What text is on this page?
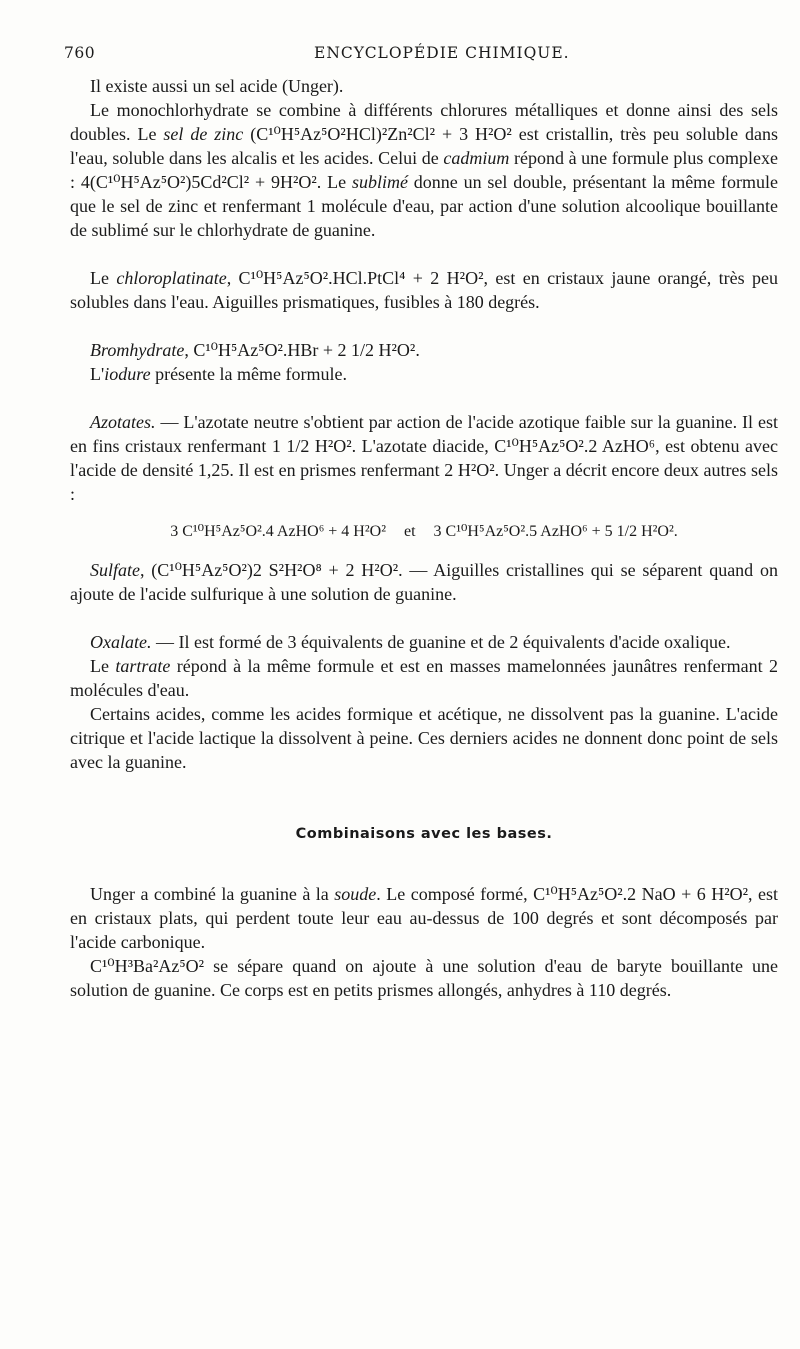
760	ENCYCLOPÉDIE CHIMIQUE.

Il existe aussi un sel acide (Unger).

Le monochlorhydrate se combine à différents chlorures métalliques et donne ainsi des sels doubles. Le sel de zinc (C¹⁰H⁵Az⁵O²HCl)²Zn²Cl² + 3 H²O² est cristallin, très peu soluble dans l'eau, soluble dans les alcalis et les acides. Celui de cadmium répond à une formule plus complexe : 4(C¹⁰H⁵Az⁵O²)5Cd²Cl² + 9H²O². Le sublimé donne un sel double, présentant la même formule que le sel de zinc et renfermant 1 molécule d'eau, par action d'une solution alcoolique bouillante de sublimé sur le chlorhydrate de guanine.

Le chloroplatinate, C¹⁰H⁵Az⁵O².HCl.PtCl⁴ + 2 H²O², est en cristaux jaune orangé, très peu solubles dans l'eau. Aiguilles prismatiques, fusibles à 180 degrés.

Bromhydrate, C¹⁰H⁵Az⁵O².HBr + 2 1/2 H²O².

L'iodure présente la même formule.

Azotates. — L'azotate neutre s'obtient par action de l'acide azotique faible sur la guanine. Il est en fins cristaux renfermant 1 1/2 H²O². L'azotate diacide, C¹⁰H⁵Az⁵O².2 AzHO⁶, est obtenu avec l'acide de densité 1,25. Il est en prismes renfermant 2 H²O². Unger a décrit encore deux autres sels :

3 C¹⁰H⁵Az⁵O².4 AzHO⁶ + 4 H²O² et 3 C¹⁰H⁵Az⁵O².5 AzHO⁶ + 5 1/2 H²O².

Sulfate, (C¹⁰H⁵Az⁵O²)2 S²H²O⁸ + 2 H²O². — Aiguilles cristallines qui se séparent quand on ajoute de l'acide sulfurique à une solution de guanine.

Oxalate. — Il est formé de 3 équivalents de guanine et de 2 équivalents d'acide oxalique.

Le tartrate répond à la même formule et est en masses mamelonnées jaunâtres renfermant 2 molécules d'eau.

Certains acides, comme les acides formique et acétique, ne dissolvent pas la guanine. L'acide citrique et l'acide lactique la dissolvent à peine. Ces derniers acides ne donnent donc point de sels avec la guanine.

Combinaisons avec les bases.

Unger a combiné la guanine à la soude. Le composé formé, C¹⁰H⁵Az⁵O².2 NaO + 6 H²O², est en cristaux plats, qui perdent toute leur eau au-dessus de 100 degrés et sont décomposés par l'acide carbonique.

C¹⁰H³Ba²Az⁵O² se sépare quand on ajoute à une solution d'eau de baryte bouillante une solution de guanine. Ce corps est en petits prismes allongés, anhydres à 110 degrés.
